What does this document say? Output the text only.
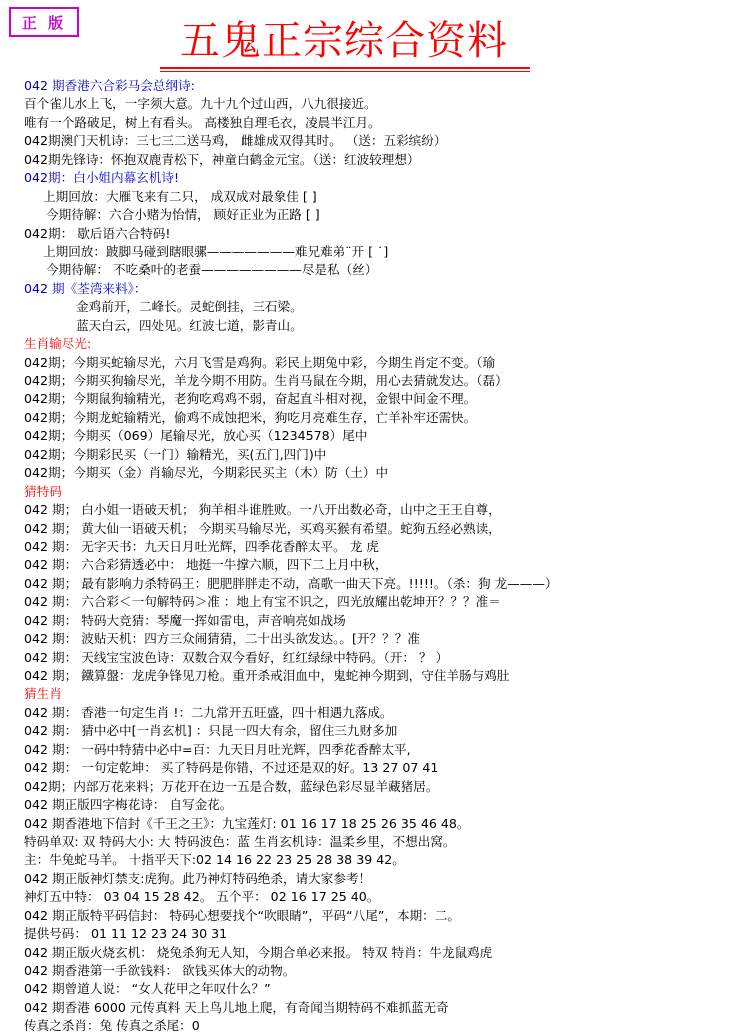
正 版	五鬼正宗综合资料
042 期香港六合彩马会总纲诗:
百个雀儿水上飞，一字须大意。九十九个过山西，八九很接近。
唯有一个路破足，树上有看头。 高楼独自理毛衣，凌晨半江月。
042期澳门天机诗：三七三二送马鸡， 雌雄成双得其时。 （送：五彩缤纷）
042期先锋诗：怀抱双鹿青松下，神童白鹤金元宝。（送：红波较理想）
042期：白小姐内幕玄机诗!
上期回放：大雁飞来有二只， 成双成对最象佳 [ ]
今期待解：六合小赌为怡情， 顾好正业为正路 [ ]
042期： 歇后语六合特码!
上期回放：跛脚马碰到瞎眼骡———————难兄难弟¨开 [ ˙]
今期待解： 不吃桑叶的老蚕————————尽是私（丝）
042 期《荃湾来料》：
金鸡前开，二峰长。灵蛇倒挂，三石梁。
蓝天白云，四处见。红波七道，影青山。
生肖输尽光:
042期；今期买蛇输尽光，六月飞雪是鸡狗。彩民上期兔中彩，今期生肖定不变。（瑜
042期；今期买狗输尽光，羊龙今期不用防。生肖马鼠在今期，用心去猜就发达。（磊）
042期；今期鼠狗输精光，老狗吃鸡鸡不弱，奋起直斗相对视，金银中间金不理。
042期；今期龙蛇输精光，偷鸡不成蚀把米，狗吃月亮难生存，亡羊补牢还需快。
042期；今期买（069）尾输尽光，放心买（1234578）尾中
042期；今期彩民买（一门）输精光，买(五门,四门)中
042期；今期买（金）肖输尽光，今期彩民买主（木）防（土）中
猜特码
042 期； 白小姐一语破天机； 狗羊相斗谁胜败。一八开出数必奇，山中之王王自尊，
042 期； 黄大仙一语破天机； 今期买马输尽光，买鸡买猴有希望。蛇狗五经必熟读，
042 期： 无字天书：九天日月吐光辉，四季花香醉太平。 龙 虎
042 期： 六合彩猜透必中： 地挺一牛撑六顺，四下二上月中秋，
042 期； 最有影响力杀特码王：肥肥胖胖走不动，高歌一曲天下亮。!!!!!。（杀：狗 龙———）
042 期： 六合彩＜一句解特码＞准 ：地上有宝不识之，四光放耀出乾坤开？？？准＝
042 期： 特码大竞猜：琴魔一挥如雷电，声音响亮如战场
042 期： 波贴天机：四方三众闹猜猜，二十出头欲发达。。[开？？？准
042 期： 天线宝宝波色诗：双数合双今看好，红红绿绿中特码。（开： ？ ）
042 期； 鐵算盤：龙虎争锋见刀枪。重开杀戒泪血中，鬼蛇神今期到，守住羊肠与鸡肚
猜生肖
042 期： 香港一句定生肖 !：二九常开五旺盛，四十相遇九落成。
042 期： 猜中必中[一肖玄机] ：只昆一四大有余，留住三九财多加
042 期： 一码中特猜中必中=百：九天日月吐光辉，四季花香醉太平,
042 期： 一句定乾坤： 买了特码是你错，不过还是双的好。13 27 07 41
042期；内部万花来料；万花开在边一五是合数，蓝绿色彩尽显羊藏猪居。
042 期正版四字梅花诗： 自写金花。
042 期香港地下信封《千王之王》：九宝莲灯: 01 16 17 18 25 26 35 46 48。
特码单双: 双 特码大小: 大 特码波色：蓝 生肖玄机诗：温柔乡里，不想出窝。
主：牛兔蛇马羊。 十指平天下:02 14 16 22 23 25 28 38 39 42。
042 期正版神灯禁支:虎狗。此乃神灯特码绝杀，请大家参考！
神灯五中特： 03 04 15 28 42。 五个平： 02 16 17 25 40。
042 期正版特平码信封： 特码心想要找个“吹眼睛”，平码“八尾”，本期：二。
提供号码： 01 11 12 23 24 30 31
042 期正版火烧玄机： 烧兔杀狗无人知，今期合单必来报。 特双 特肖：牛龙鼠鸡虎
042 期香港第一手欲钱料： 欲钱买体大的动物。
042 期曾道人说： “女人花甲之年叹什么？”
042 期香港 6000 元传真料 天上鸟儿地上爬，有奇闻当期特码不难抓蓝无奇
传真之杀肖：兔 传真之杀尾：0
